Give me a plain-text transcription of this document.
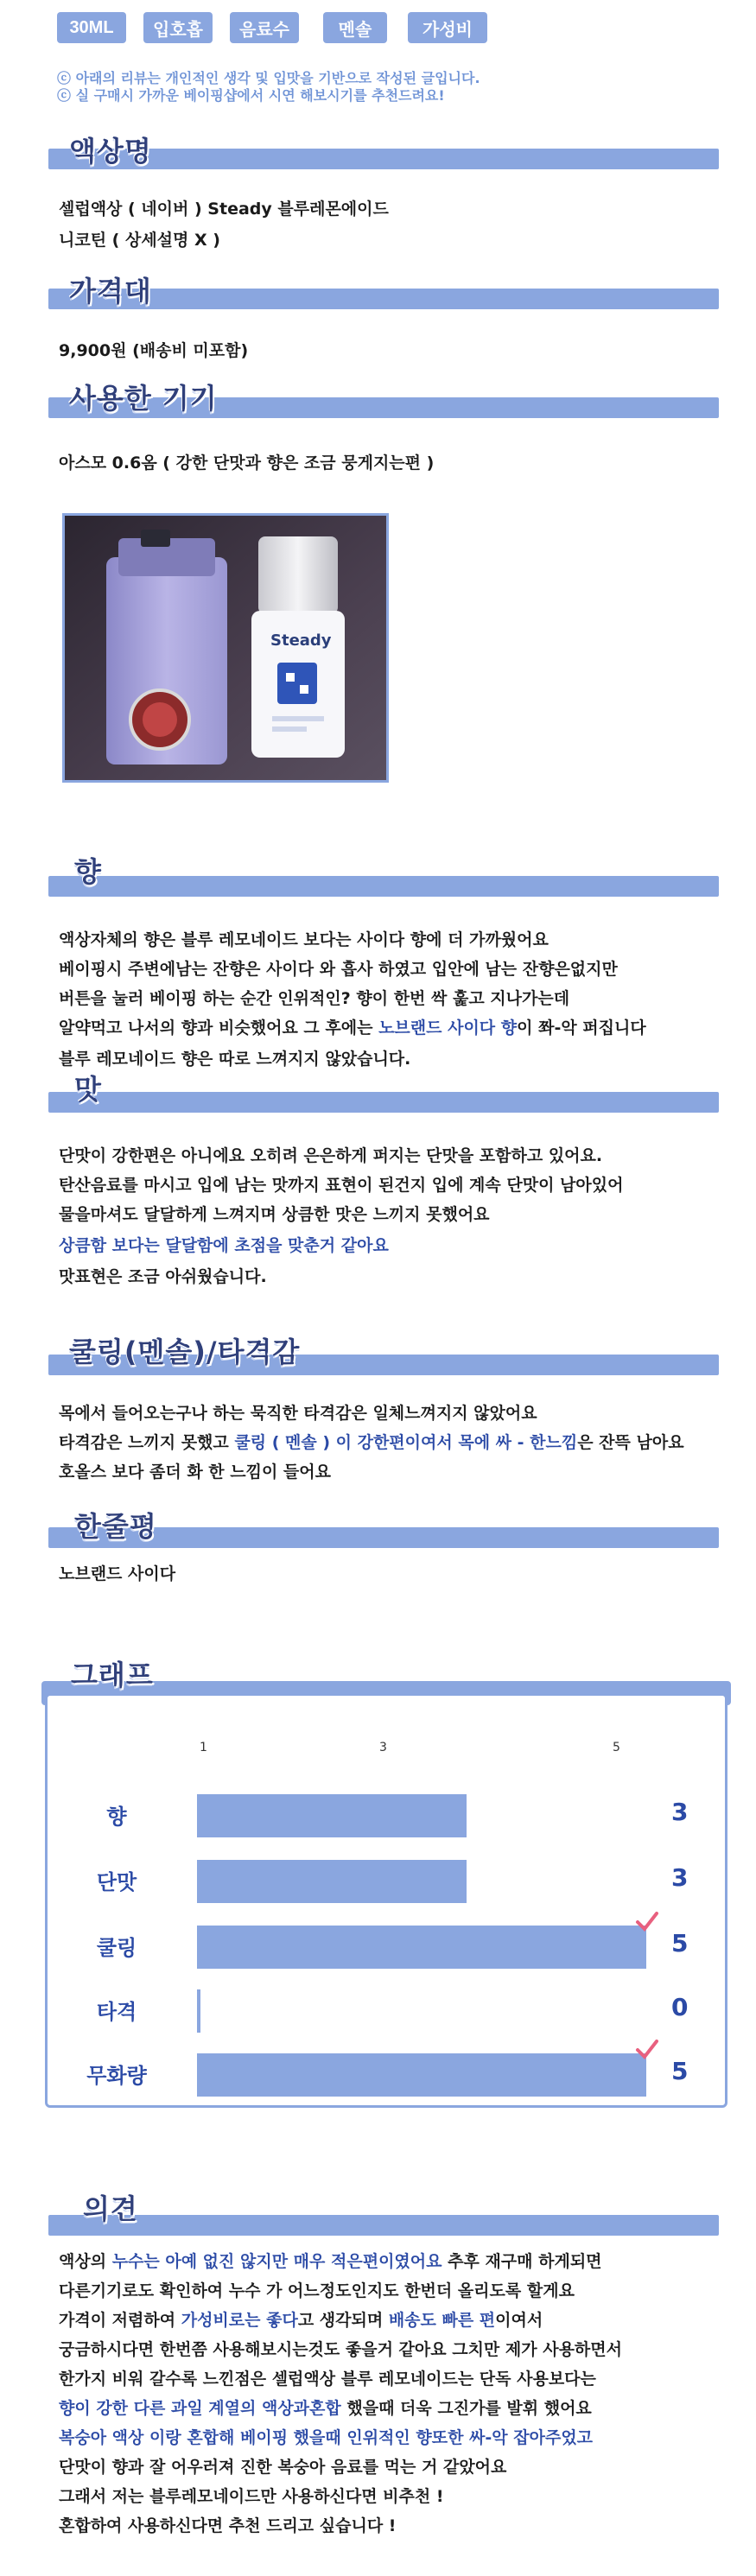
30ML	입호흡	음료수	멘솔	가성비
ⓒ 아래의 리뷰는 개인적인 생각 및 입맛을 기반으로 작성된 글입니다.
ⓒ 실 구매시 가까운 베이핑샵에서 시연 해보시기를 추천드려요!
액상명
셀럽액상 ( 네이버 ) Steady 블루레몬에이드
니코틴 ( 상세설명 X )
가격대
9,900원 (배송비 미포함)
사용한 기기
아스모 0.6옴 ( 강한 단맛과 향은 조금 뭉게지는편 )
Steady
향
액상자체의 향은 블루 레모네이드 보다는 사이다 향에 더 가까웠어요
베이핑시 주변에남는 잔향은 사이다 와 흡사 하였고 입안에 남는 잔향은없지만
버튼을 눌러 베이핑 하는 순간 인위적인? 향이 한번 싹 훑고 지나가는데
알약먹고 나서의 향과 비슷했어요 그 후에는 노브랜드 사이다 향이 쫘-악 퍼집니다
블루 레모네이드 향은 따로 느껴지지 않았습니다.
맛
단맛이 강한편은 아니에요 오히려 은은하게 퍼지는 단맛을 포함하고 있어요.
탄산음료를 마시고 입에 남는 맛까지 표현이 된건지 입에 계속 단맛이 남아있어
물을마셔도 달달하게 느껴지며 상큼한 맛은 느끼지 못했어요
상큼함 보다는 달달함에 초점을 맞춘거 같아요
맛표현은 조금 아쉬웠습니다.
쿨링(멘솔)/타격감
목에서 들어오는구나 하는 묵직한 타격감은 일체느껴지지 않았어요
타격감은 느끼지 못했고 쿨링 ( 멘솔 ) 이 강한편이여서 목에 싸 - 한느낌은 잔뜩 남아요
호올스 보다 좀더 화 한 느낌이 들어요
한줄평
노브랜드 사이다
그래프
1	3	5
향	3
단맛	3
쿨링	5
타격	0
무화량	5
의견
액상의 누수는 아예 없진 않지만 매우 적은편이였어요 추후 재구매 하게되면
다른기기로도 확인하여 누수 가 어느정도인지도 한번더 올리도록 할게요
가격이 저렴하여 가성비로는 좋다고 생각되며 배송도 빠른 편이여서
궁금하시다면 한번쯤 사용해보시는것도 좋을거 같아요 그치만 제가 사용하면서
한가지 비워 갈수록 느낀점은 셀럽액상 블루 레모네이드는 단독 사용보다는
향이 강한 다른 과일 계열의 액상과혼합 했을때 더욱 그진가를 발휘 했어요
복숭아 액상 이랑 혼합해 베이핑 했을때 인위적인 향또한 싸-악 잡아주었고
단맛이 향과 잘 어우러져 진한 복숭아 음료를 먹는 거 같았어요
그래서 저는 블루레모네이드만 사용하신다면 비추천 !
혼합하여 사용하신다면 추천 드리고 싶습니다 !
